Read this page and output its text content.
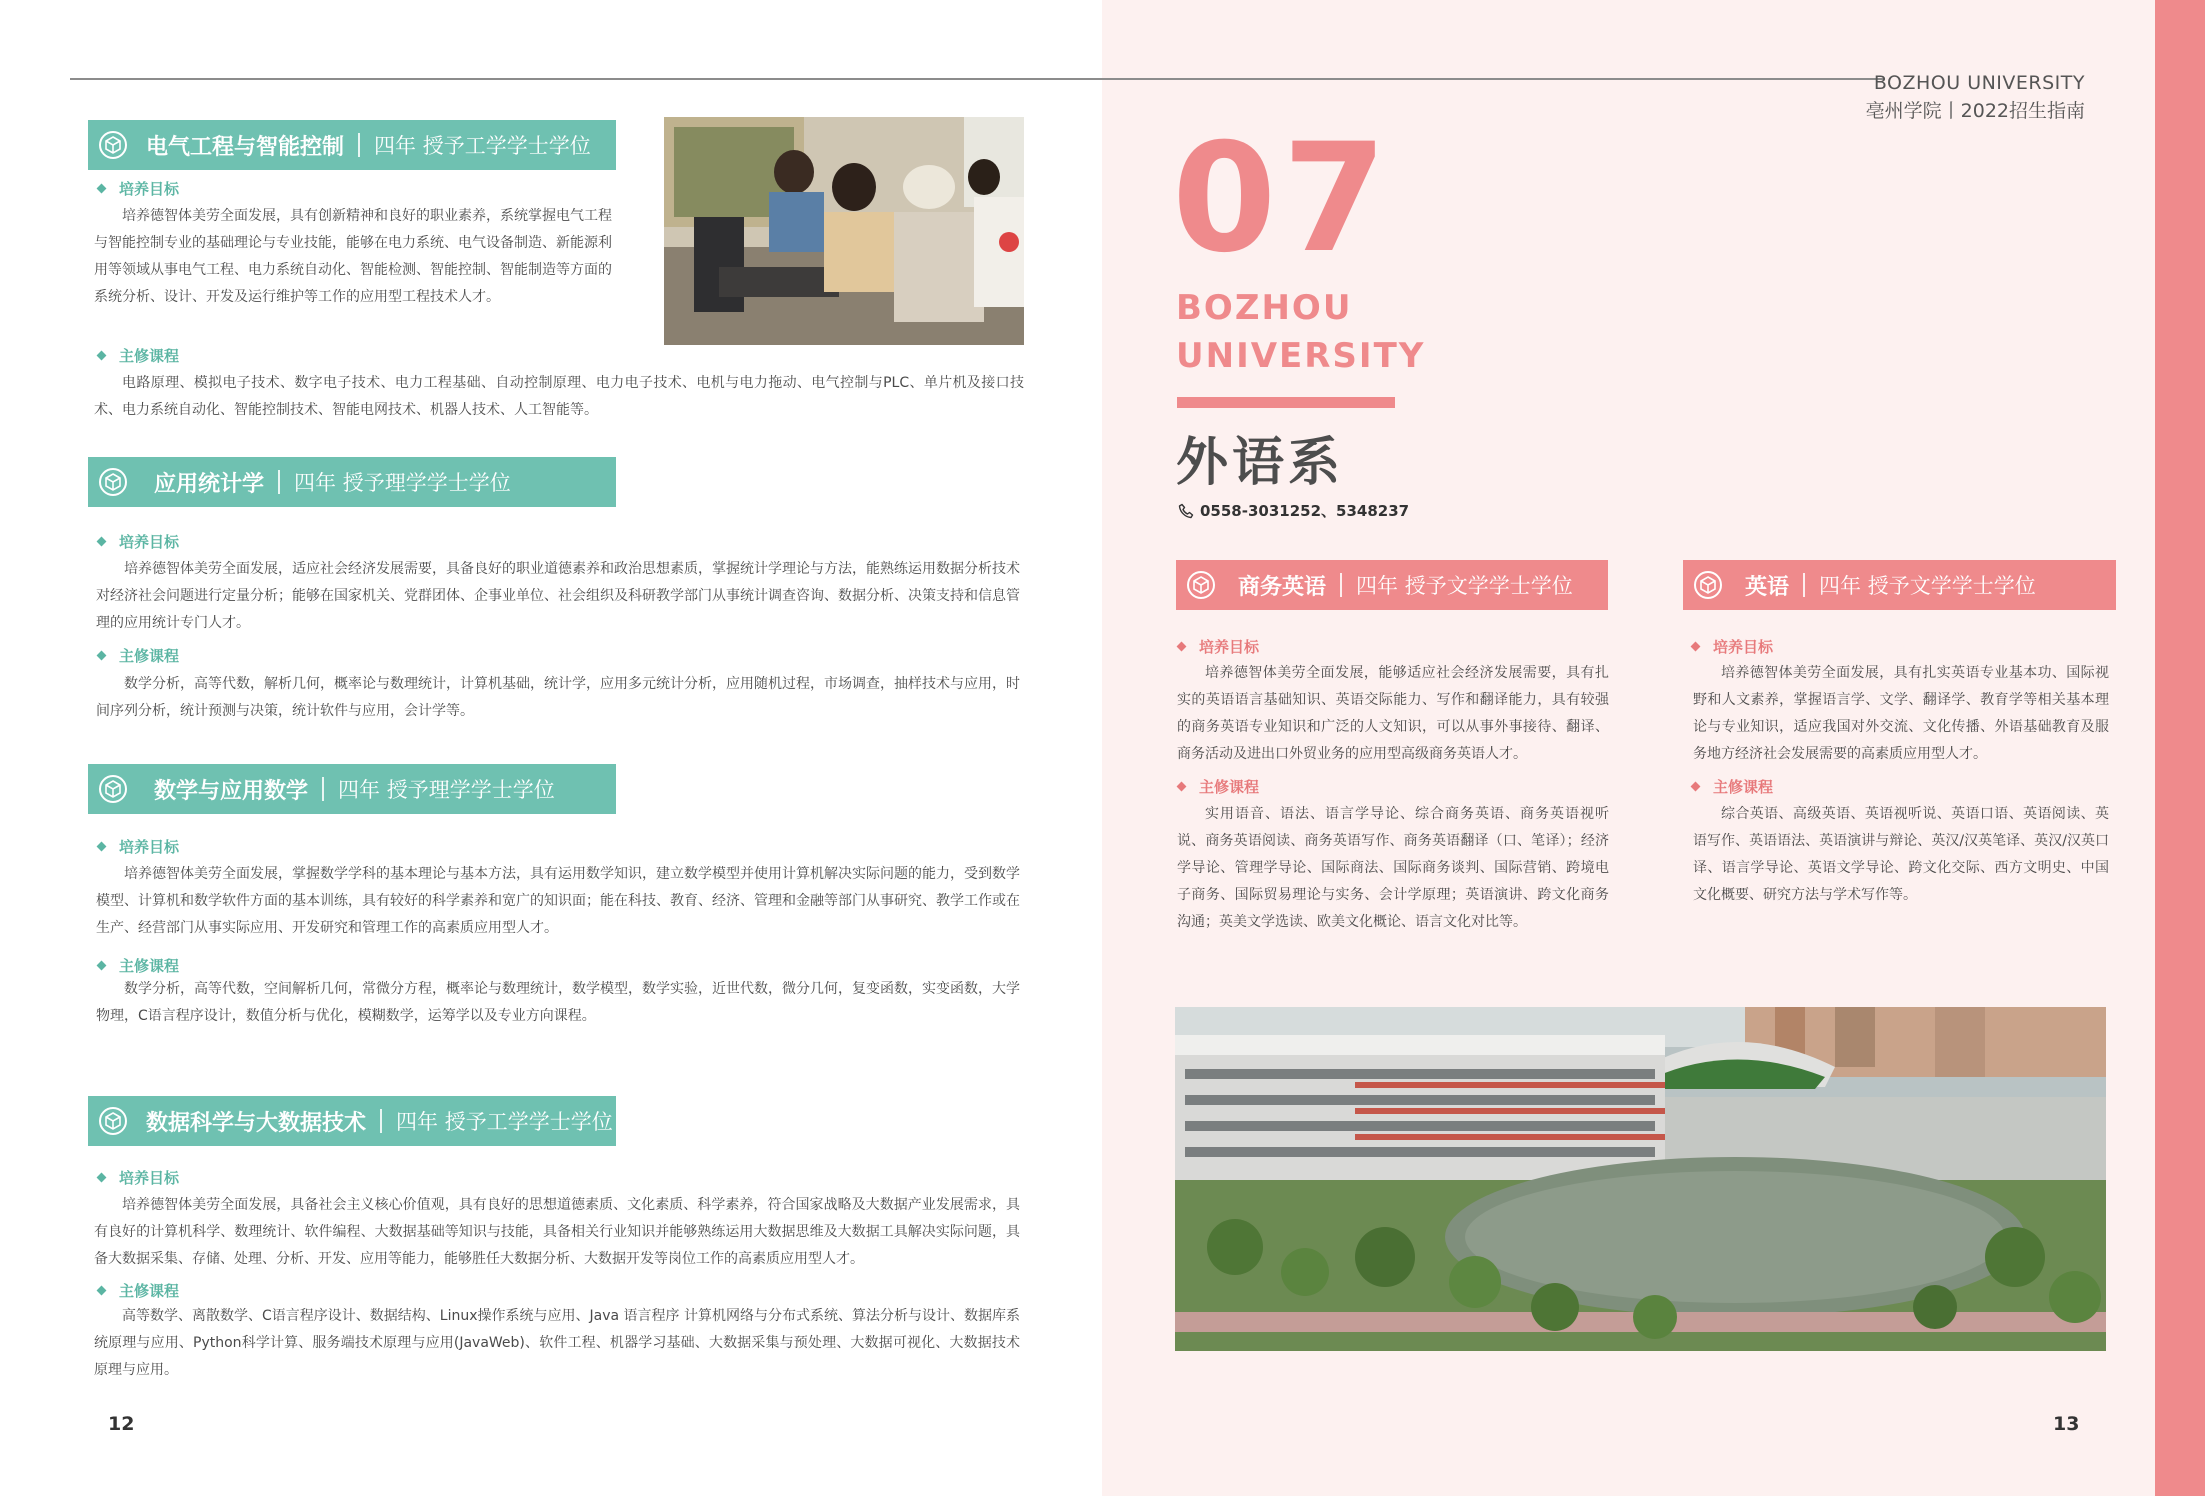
BOZHOU UNIVERSITY
亳州学院丨2022招生指南
电气工程与智能控制 四年 授予工学学士学位
培养目标
培养德智体美劳全面发展，具有创新精神和良好的职业素养，系统掌握电气工程与智能控制专业的基础理论与专业技能，能够在电力系统、电气设备制造、新能源利用等领域从事电气工程、电力系统自动化、智能检测、智能控制、智能制造等方面的系统分析、设计、开发及运行维护等工作的应用型工程技术人才。
主修课程
电路原理、模拟电子技术、数字电子技术、电力工程基础、自动控制原理、电力电子技术、电机与电力拖动、电气控制与PLC、单片机及接口技术、电力系统自动化、智能控制技术、智能电网技术、机器人技术、人工智能等。
应用统计学 四年 授予理学学士学位
培养目标
培养德智体美劳全面发展，适应社会经济发展需要，具备良好的职业道德素养和政治思想素质，掌握统计学理论与方法，能熟练运用数据分析技术对经济社会问题进行定量分析；能够在国家机关、党群团体、企事业单位、社会组织及科研教学部门从事统计调查咨询、数据分析、决策支持和信息管理的应用统计专门人才。
主修课程
数学分析，高等代数，解析几何，概率论与数理统计，计算机基础，统计学，应用多元统计分析，应用随机过程，市场调查，抽样技术与应用，时间序列分析，统计预测与决策，统计软件与应用，会计学等。
数学与应用数学 四年 授予理学学士学位
培养目标
培养德智体美劳全面发展，掌握数学学科的基本理论与基本方法，具有运用数学知识，建立数学模型并使用计算机解决实际问题的能力，受到数学模型、计算机和数学软件方面的基本训练，具有较好的科学素养和宽广的知识面；能在科技、教育、经济、管理和金融等部门从事研究、教学工作或在生产、经营部门从事实际应用、开发研究和管理工作的高素质应用型人才。
主修课程
数学分析，高等代数，空间解析几何，常微分方程，概率论与数理统计，数学模型，数学实验，近世代数，微分几何，复变函数，实变函数，大学物理，C语言程序设计，数值分析与优化，模糊数学，运筹学以及专业方向课程。
数据科学与大数据技术 四年 授予工学学士学位
培养目标
培养德智体美劳全面发展，具备社会主义核心价值观，具有良好的思想道德素质、文化素质、科学素养，符合国家战略及大数据产业发展需求，具有良好的计算机科学、数理统计、软件编程、大数据基础等知识与技能，具备相关行业知识并能够熟练运用大数据思维及大数据工具解决实际问题，具备大数据采集、存储、处理、分析、开发、应用等能力，能够胜任大数据分析、大数据开发等岗位工作的高素质应用型人才。
主修课程
高等数学、离散数学、C语言程序设计、数据结构、Linux操作系统与应用、Java 语言程序 计算机网络与分布式系统、算法分析与设计、数据库系统原理与应用、Python科学计算、服务端技术原理与应用(JavaWeb)、软件工程、机器学习基础、大数据采集与预处理、大数据可视化、大数据技术原理与应用。
12
07
BOZHOU
UNIVERSITY
外语系
0558-3031252、5348237
商务英语 四年 授予文学学士学位
培养目标
培养德智体美劳全面发展，能够适应社会经济发展需要，具有扎实的英语语言基础知识、英语交际能力、写作和翻译能力，具有较强的商务英语专业知识和广泛的人文知识，可以从事外事接待、翻译、商务活动及进出口外贸业务的应用型高级商务英语人才。
主修课程
实用语音、语法、语言学导论、综合商务英语、商务英语视听说、商务英语阅读、商务英语写作、商务英语翻译（口、笔译）；经济学导论、管理学导论、国际商法、国际商务谈判、国际营销、跨境电子商务、国际贸易理论与实务、会计学原理；英语演讲、跨文化商务沟通；英美文学选读、欧美文化概论、语言文化对比等。
英语 四年 授予文学学士学位
培养目标
培养德智体美劳全面发展，具有扎实英语专业基本功、国际视野和人文素养，掌握语言学、文学、翻译学、教育学等相关基本理论与专业知识，适应我国对外交流、文化传播、外语基础教育及服务地方经济社会发展需要的高素质应用型人才。
主修课程
综合英语、高级英语、英语视听说、英语口语、英语阅读、英语写作、英语语法、英语演讲与辩论、英汉/汉英笔译、英汉/汉英口译、语言学导论、英语文学导论、跨文化交际、西方文明史、中国文化概要、研究方法与学术写作等。
13
